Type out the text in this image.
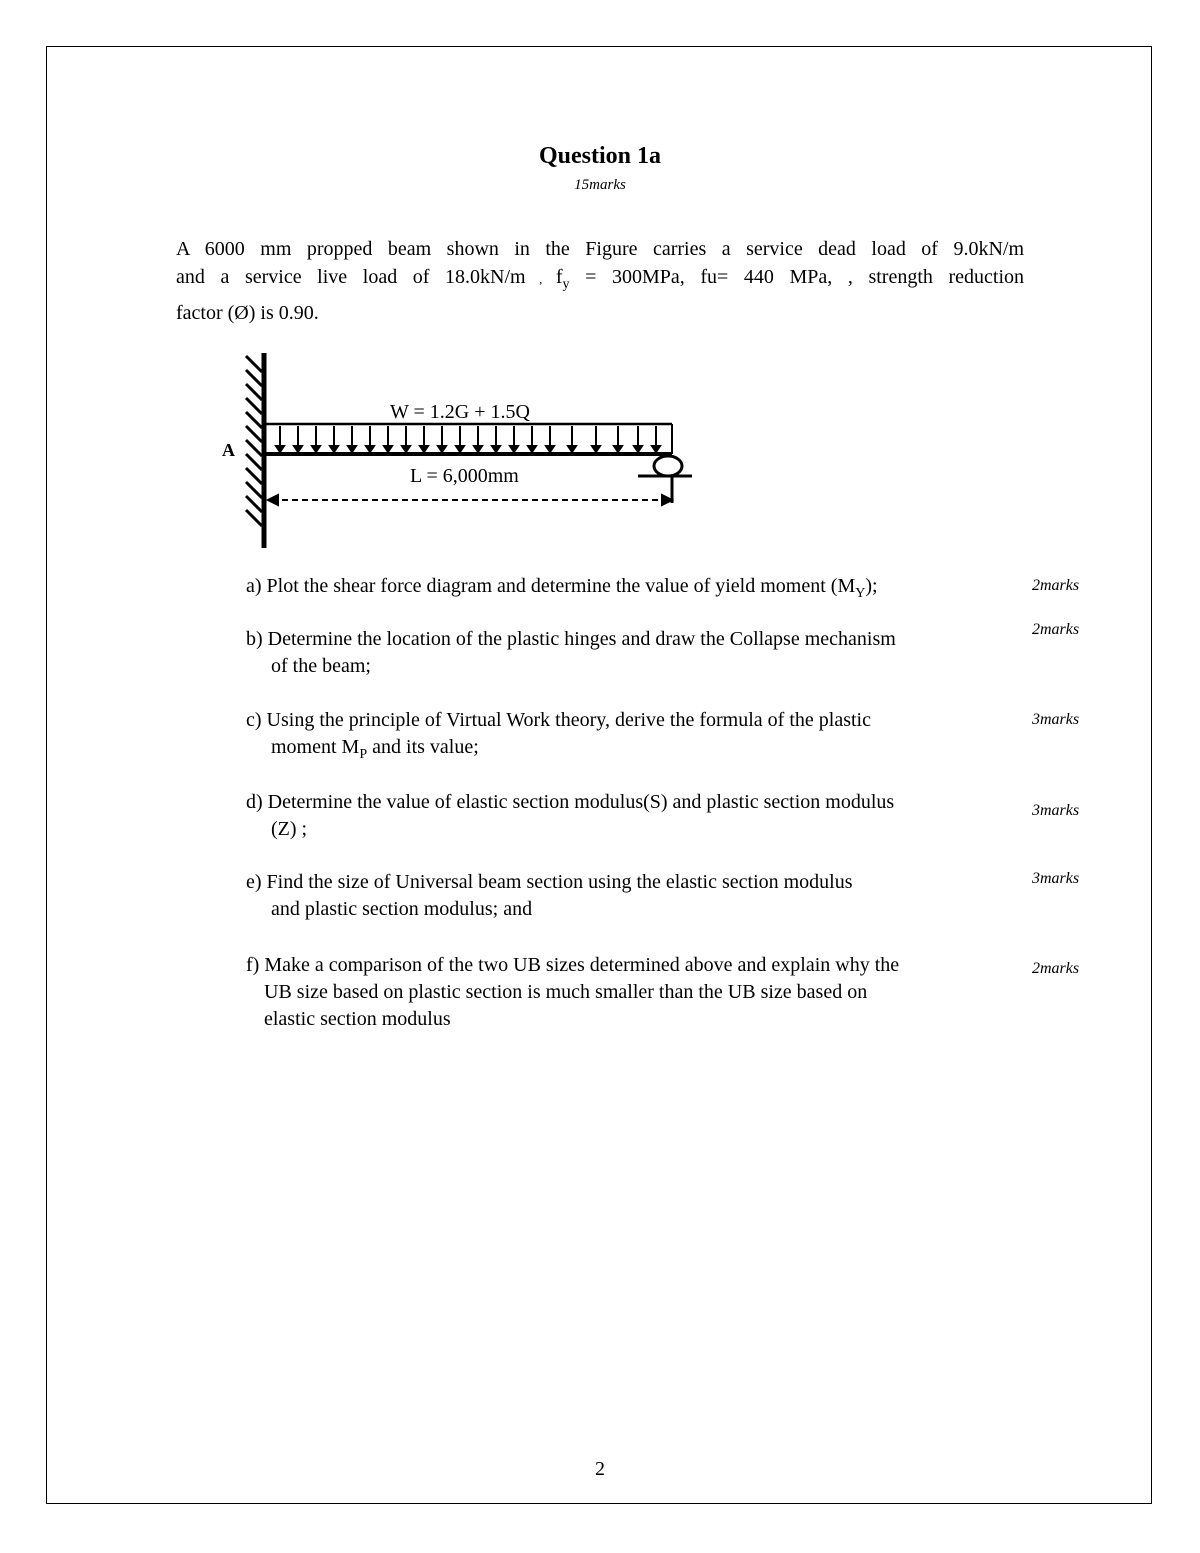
Question 1a
15marks
A 6000 mm propped beam shown in the Figure carries a service dead load of 9.0kN/m
and a service live load of 18.0kN/m , $f_y = 300MPa$, fu= 440 MPa, , strength reduction
factor (Ø) is 0.90.
A
W = 1.2G + 1.5Q
L = 6,000mm
a) Plot the shear force diagram and determine the value of yield moment $(M_Y)$;	2marks
b) Determine the location of the plastic hinges and draw the Collapse mechanism
of the beam;
2marks
c) Using the principle of Virtual Work theory, derive the formula of the plastic
moment $M_P$ and its value;
3marks
d) Determine the value of elastic section modulus(S) and plastic section modulus
(Z) ;
3marks
e) Find the size of Universal beam section using the elastic section modulus
and plastic section modulus; and
3marks
f) Make a comparison of the two UB sizes determined above and explain why the
UB size based on plastic section is much smaller than the UB size based on
elastic section modulus
2marks
2
